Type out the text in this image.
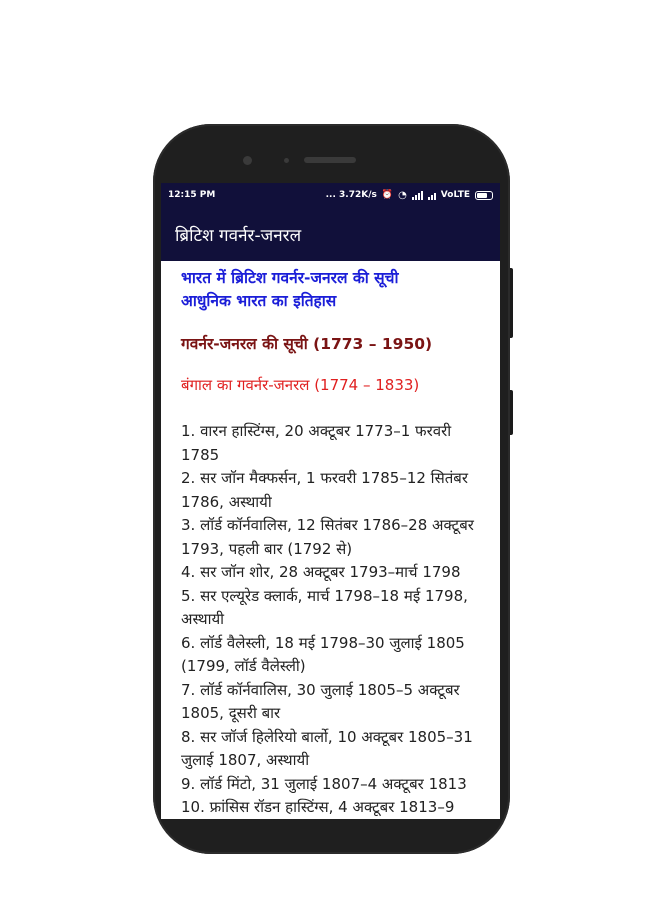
12:15 PM	... 3.72K/s ⏰ ◔	VoLTE
ब्रिटिश गवर्नर-जनरल

भारत में ब्रिटिश गवर्नर-जनरल की सूची
आधुनिक भारत का इतिहास

गवर्नर-जनरल की सूची (1773 – 1950)

बंगाल का गवर्नर-जनरल (1774 – 1833)

1. वारन हास्टिंग्स, 20 अक्टूबर 1773–1 फरवरी 1785
2. सर जॉन मैक्फर्सन, 1 फरवरी 1785–12 सितंबर 1786, अस्थायी
3. लॉर्ड कॉर्नवालिस, 12 सितंबर 1786–28 अक्टूबर 1793, पहली बार (1792 से)
4. सर जॉन शोर, 28 अक्टूबर 1793–मार्च 1798
5. सर एल्यूरेड क्लार्क, मार्च 1798–18 मई 1798, अस्थायी
6. लॉर्ड वैलेस्ली, 18 मई 1798–30 जुलाई 1805 (1799, लॉर्ड वैलेस्ली)
7. लॉर्ड कॉर्नवालिस, 30 जुलाई 1805–5 अक्टूबर 1805, दूसरी बार
8. सर जॉर्ज हिलेरियो बार्लो, 10 अक्टूबर 1805–31 जुलाई 1807, अस्थायी
9. लॉर्ड मिंटो, 31 जुलाई 1807–4 अक्टूबर 1813
10. फ्रांसिस रॉडन हास्टिंग्स, 4 अक्टूबर 1813–9
